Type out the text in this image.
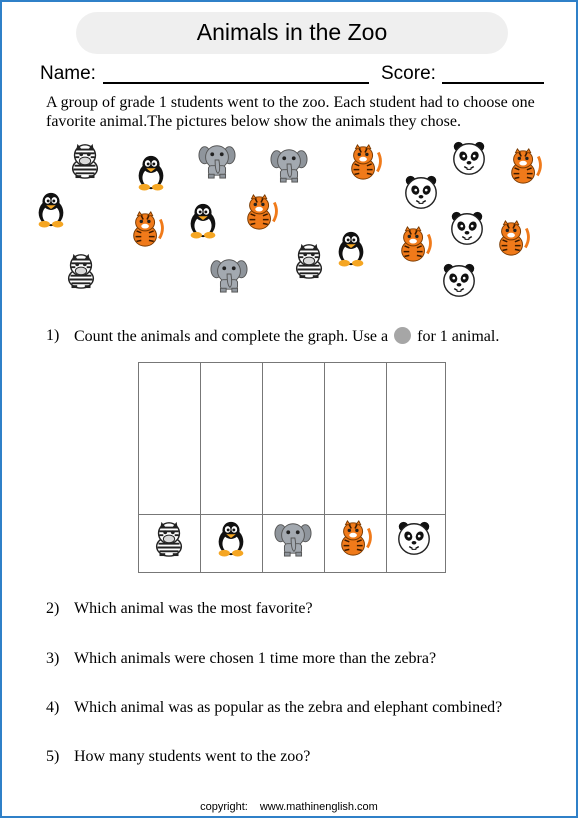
Animals in the Zoo
Name:	Score:
A group of grade 1 students went to the zoo. Each student had to choose one favorite animal.The pictures below show the animals they chose.
1) Count the animals and complete the graph. Use a for 1 animal.
2) Which animal was the most favorite?
3) Which animals were chosen 1 time more than the zebra?
4) Which animal was as popular as the zebra and elephant combined?
5) How many students went to the zoo?
copyright: www.mathinenglish.com
